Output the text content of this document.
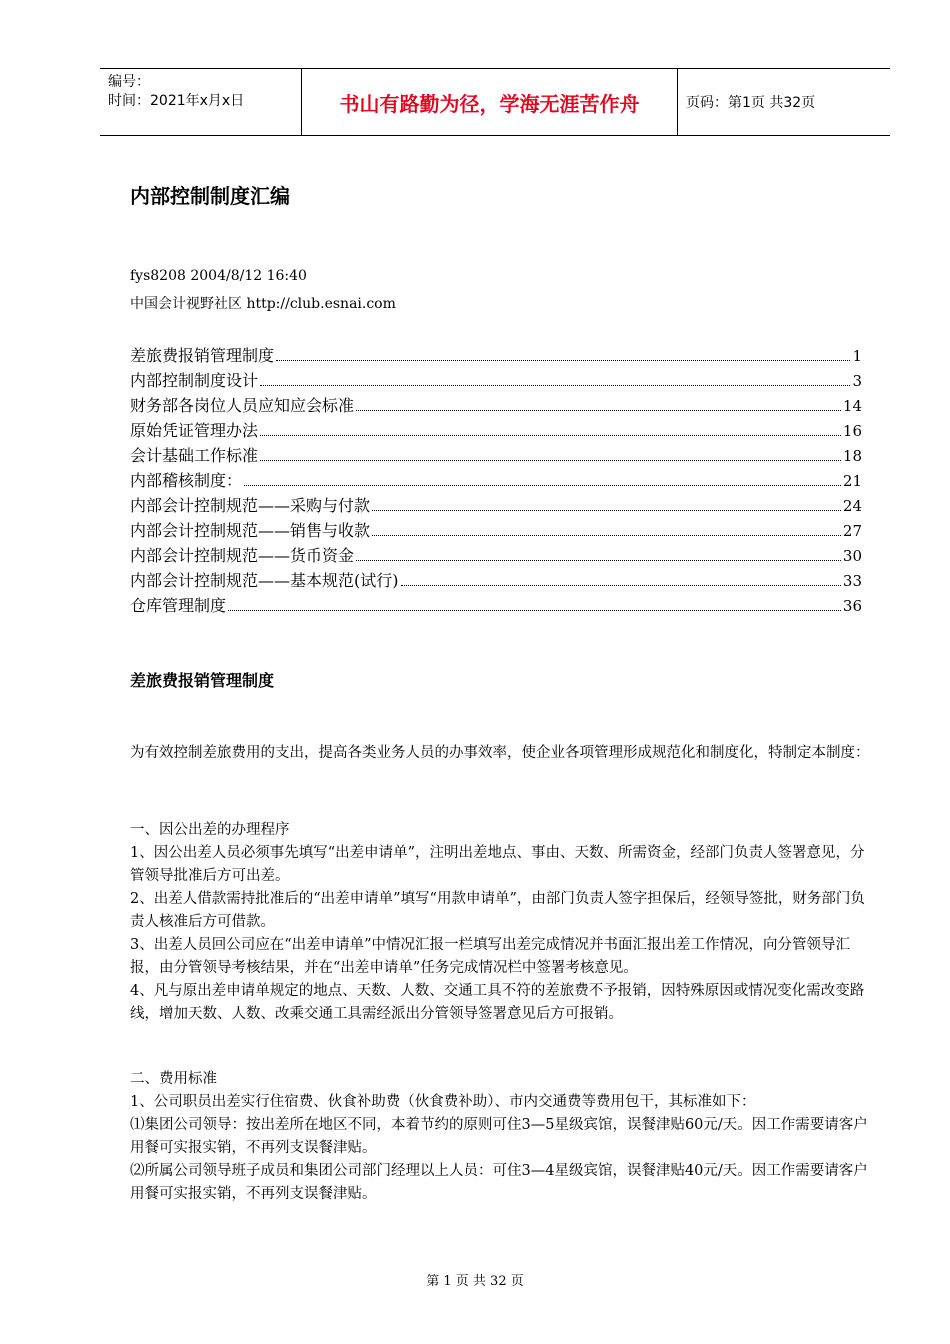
编号：
时间：2021年x月x日	书山有路勤为径，学海无涯苦作舟	页码：第1页 共32页
内部控制制度汇编
fys8208 2004/8/12 16:40
中国会计视野社区 http://club.esnai.com
差旅费报销管理制度	1
内部控制制度设计	3
财务部各岗位人员应知应会标准	14
原始凭证管理办法	16
会计基础工作标准	18
内部稽核制度：	21
内部会计控制规范——采购与付款	24
内部会计控制规范——销售与收款	27
内部会计控制规范——货币资金	30
内部会计控制规范——基本规范(试行)	33
仓库管理制度	36
差旅费报销管理制度

为有效控制差旅费用的支出，提高各类业务人员的办事效率，使企业各项管理形成规范化和制度化，特制定本制度：

一、因公出差的办理程序

1、因公出差人员必须事先填写“出差申请单”，注明出差地点、事由、天数、所需资金，经部门负责人签署意见，分管领导批准后方可出差。

2、出差人借款需持批准后的“出差申请单”填写“用款申请单”，由部门负责人签字担保后，经领导签批，财务部门负责人核准后方可借款。

3、出差人员回公司应在“出差申请单”中情况汇报一栏填写出差完成情况并书面汇报出差工作情况，向分管领导汇报，由分管领导考核结果，并在“出差申请单”任务完成情况栏中签署考核意见。

4、凡与原出差申请单规定的地点、天数、人数、交通工具不符的差旅费不予报销，因特殊原因或情况变化需改变路线，增加天数、人数、改乘交通工具需经派出分管领导签署意见后方可报销。

二、费用标准

1、公司职员出差实行住宿费、伙食补助费（伙食费补助）、市内交通费等费用包干，其标准如下：

⑴集团公司领导：按出差所在地区不同，本着节约的原则可住3—5星级宾馆，误餐津贴60元/天。因工作需要请客户用餐可实报实销，不再列支误餐津贴。

⑵所属公司领导班子成员和集团公司部门经理以上人员：可住3—4星级宾馆，误餐津贴40元/天。因工作需要请客户用餐可实报实销，不再列支误餐津贴。

第 1 页 共 32 页
